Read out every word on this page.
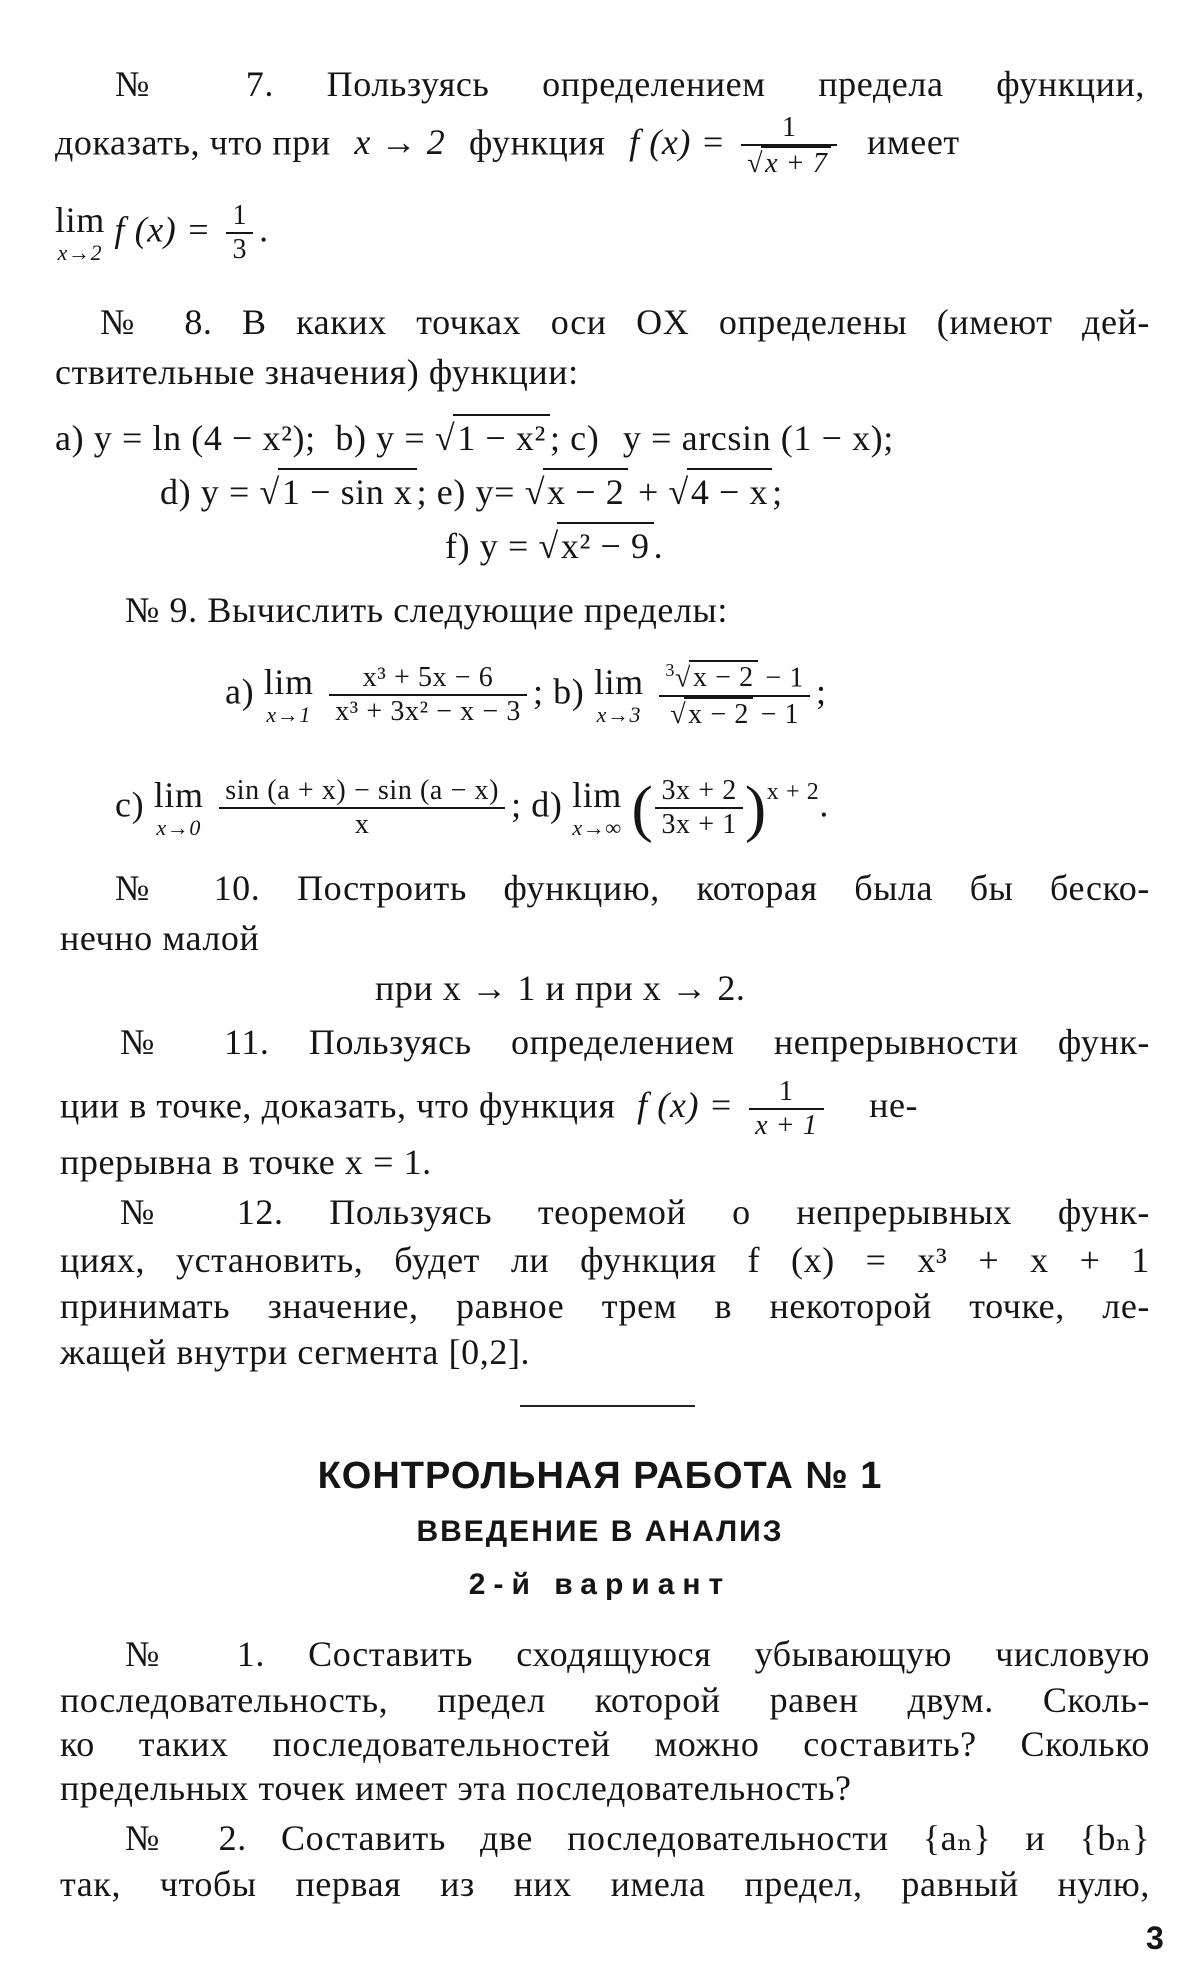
№ 7. Пользуясь определением предела функции,
доказать, что при x → 2 функция f $(x) = \frac{1}{√x + 7}$ имеет
lim
x→2
f $(x) = \frac{1}{3}$ .
№ 8. В каких точках оси OX определены (имеют дей-
ствительные значения) функции:
a) y = ln (4 − x²); b) y = √1 − x² ; c) y = arcsin (1 − x);
d) y = √1 − sin x ; e) y= √x − 2 + √4 − x ;
f) y = √x² − 9 .
№ 9. Вычислить следующие пределы:
a) lim
x→1
$\frac{\text{x³ + 5x − 6}}{\text{x³ + 3x² − x − 3}}$ ; b) lim
x→3
$\frac{^3√x - 2 - 1}{√x - 2 - 1}$ ;
c) lim
x→0
$\frac{\sin (a + x) - \sin (a - x)}{x}$ ; d) lim
x→∞ ( $\frac{3x + 2}{3x + 1} )^{x + 2}$.
№ 10. Построить функцию, которая была бы беско-
нечно малой
при x → 1 и при x → 2.
№ 11. Пользуясь определением непрерывности функ-
ции в точке, доказать, что функция f $(x) = \frac{1}{x + 1} не-$
прерывна в точке x = 1.
№ 12. Пользуясь теоремой о непрерывных функ-
циях, установить, будет ли функция f (x) = x³ + x + 1
принимать значение, равное трем в некоторой точке, ле-
жащей внутри сегмента [0,2].
КОНТРОЛЬНАЯ РАБОТА № 1
ВВЕДЕНИЕ В АНАЛИЗ
2-й вариант
№ 1. Составить сходящуюся убывающую числовую
последовательность, предел которой равен двум. Сколь-
ко таких последовательностей можно составить? Сколько
предельных точек имеет эта последовательность?
№ 2. Составить две последовательности {aₙ} и {bₙ}
так, чтобы первая из них имела предел, равный нулю,
3
